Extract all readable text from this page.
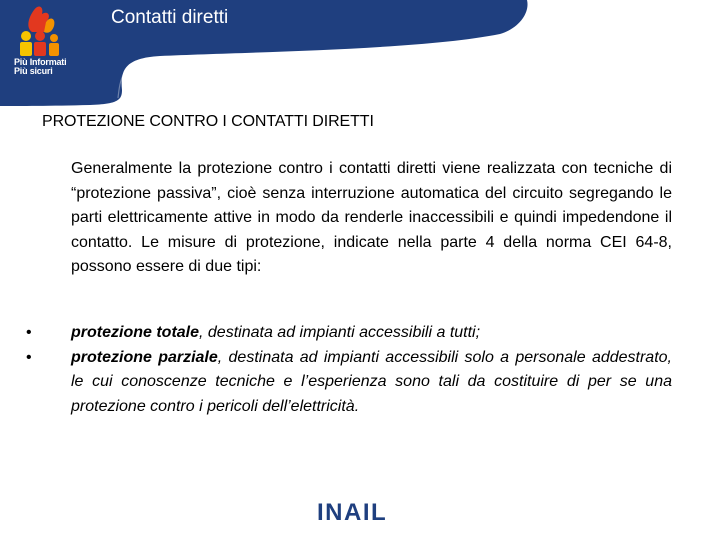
Più Informati
Più sicuri
Contatti diretti
PROTEZIONE CONTRO I CONTATTI DIRETTI

Generalmente la protezione contro i contatti diretti viene realizzata con tecniche di “protezione passiva”, cioè senza interruzione automatica del circuito segregando le parti elettricamente attive in modo da renderle inaccessibili e quindi impedendone il contatto. Le misure di protezione, indicate nella parte 4 della norma CEI 64-8, possono essere di due tipi:

•	protezione totale, destinata ad impianti accessibili a tutti;
•	protezione parziale, destinata ad impianti accessibili solo a personale addestrato, le cui conoscenze tecniche e l’esperienza sono tali da costituire di per se una protezione contro i pericoli dell’elettricità.
INAIL
